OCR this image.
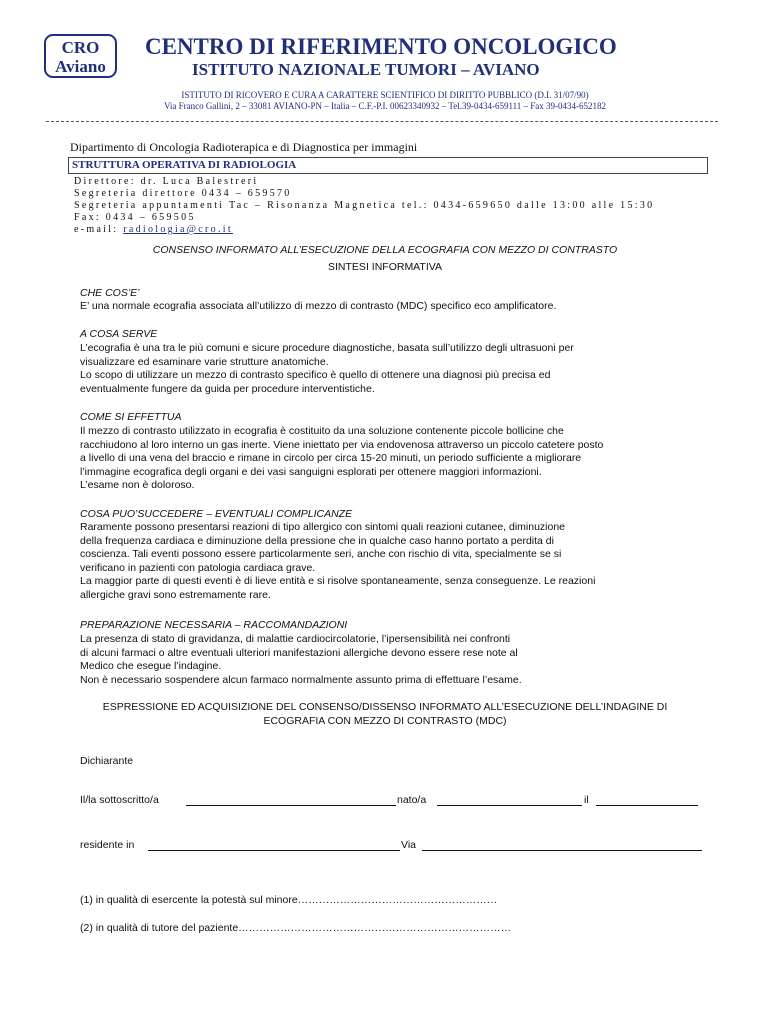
CRO
Aviano
CENTRO DI RIFERIMENTO ONCOLOGICO
ISTITUTO NAZIONALE TUMORI – AVIANO
ISTITUTO DI RICOVERO E CURA A CARATTERE SCIENTIFICO DI DIRITTO PUBBLICO (D.I. 31/07/90)
Via Franco Gallini, 2 – 33081 AVIANO-PN – Italia – C.F.-P.I. 00623340932 – Tel.39-0434-659111 – Fax 39-0434-652182
Dipartimento di Oncologia Radioterapica e di Diagnostica per immagini
STRUTTURA OPERATIVA DI RADIOLOGIA
Direttore: dr. Luca Balestreri
Segreteria direttore 0434 – 659570
Segreteria appuntamenti Tac – Risonanza Magnetica tel.: 0434-659650 dalle 13:00 alle 15:30
Fax: 0434 – 659505
e-mail: radiologia@cro.it
CONSENSO INFORMATO ALL’ESECUZIONE DELLA ECOGRAFIA CON MEZZO DI CONTRASTO
SINTESI INFORMATIVA
CHE COS’E’
E’ una normale ecografia associata all’utilizzo di mezzo di contrasto (MDC) specifico eco amplificatore.
A COSA SERVE
L’ecografia è una tra le più comuni e sicure procedure diagnostiche, basata sull’utilizzo degli ultrasuoni per
visualizzare ed esaminare varie strutture anatomiche.
Lo scopo di utilizzare un mezzo di contrasto specifico è quello di ottenere una diagnosi più precisa ed
eventualmente fungere da guida per procedure interventistiche.
COME SI EFFETTUA
Il mezzo di contrasto utilizzato in ecografia è costituito da una soluzione contenente piccole bollicine che
racchiudono al loro interno un gas inerte. Viene iniettato per via endovenosa attraverso un piccolo catetere posto
a livello di una vena del braccio e rimane in circolo per circa 15-20 minuti, un periodo sufficiente a migliorare
l’immagine ecografica degli organi e dei vasi sanguigni esplorati per ottenere maggiori informazioni.
L’esame non è doloroso.
COSA PUO’SUCCEDERE – EVENTUALI COMPLICANZE
Raramente possono presentarsi reazioni di tipo allergico con sintomi quali reazioni cutanee, diminuzione
della frequenza cardiaca e diminuzione della pressione che in qualche caso hanno portato a perdita di
coscienza. Tali eventi possono essere particolarmente seri, anche con rischio di vita, specialmente se si
verificano in pazienti con patologia cardiaca grave.
La maggior parte di questi eventi è di lieve entità e si risolve spontaneamente, senza conseguenze. Le reazioni
allergiche gravi sono estremamente rare.
PREPARAZIONE NECESSARIA – RACCOMANDAZIONI
La presenza di stato di gravidanza, di malattie cardiocircolatorie, l’ipersensibilità nei confronti
di alcuni farmaci o altre eventuali ulteriori manifestazioni allergiche devono essere rese note al
Medico che esegue l’indagine.
Non è necessario sospendere alcun farmaco normalmente assunto prima di effettuare l’esame.
ESPRESSIONE ED ACQUISIZIONE DEL CONSENSO/DISSENSO INFORMATO ALL’ESECUZIONE DELL’INDAGINE DI
ECOGRAFIA CON MEZZO DI CONTRASTO (MDC)
Dichiarante
Il/la sottoscritto/a	nato/a	il
residente in	Via
(1) in qualità di esercente la potestà sul minore…………………………………………………
(2) in qualità di tutore del paziente……………………………………………………………………
